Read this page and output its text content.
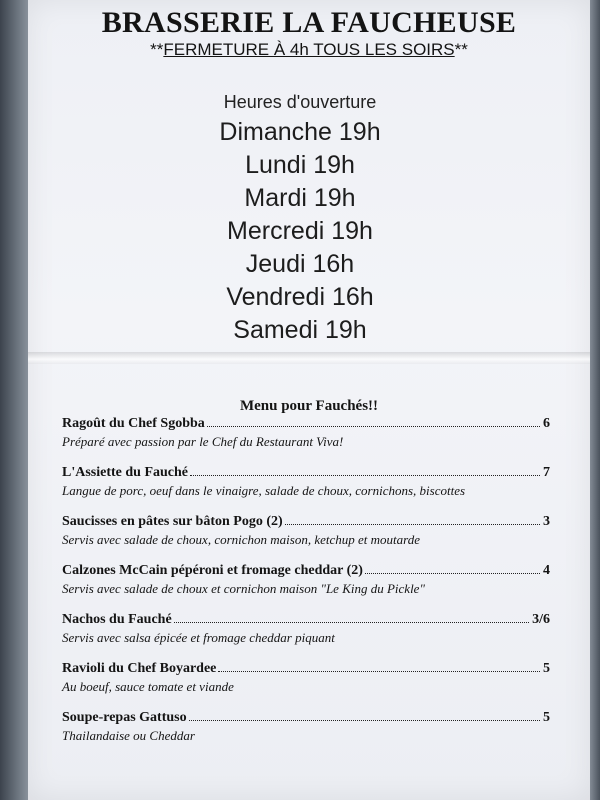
BRASSERIE LA FAUCHEUSE
**FERMETURE À 4h TOUS LES SOIRS**
Heures d'ouverture
Dimanche 19h
Lundi 19h
Mardi 19h
Mercredi 19h
Jeudi 16h
Vendredi 16h
Samedi 19h
Menu pour Fauchés!!
Ragoût du Chef Sgobba	6
Préparé avec passion par le Chef du Restaurant Viva!
L'Assiette du Fauché	7
Langue de porc, oeuf dans le vinaigre, salade de choux, cornichons, biscottes
Saucisses en pâtes sur bâton Pogo (2)	3
Servis avec salade de choux, cornichon maison, ketchup et moutarde
Calzones McCain pépéroni et fromage cheddar (2)	4
Servis avec salade de choux et cornichon maison "Le King du Pickle"
Nachos du Fauché	3/6
Servis avec salsa épicée et fromage cheddar piquant
Ravioli du Chef Boyardee	5
Au boeuf, sauce tomate et viande
Soupe-repas Gattuso	5
Thailandaise ou Cheddar
